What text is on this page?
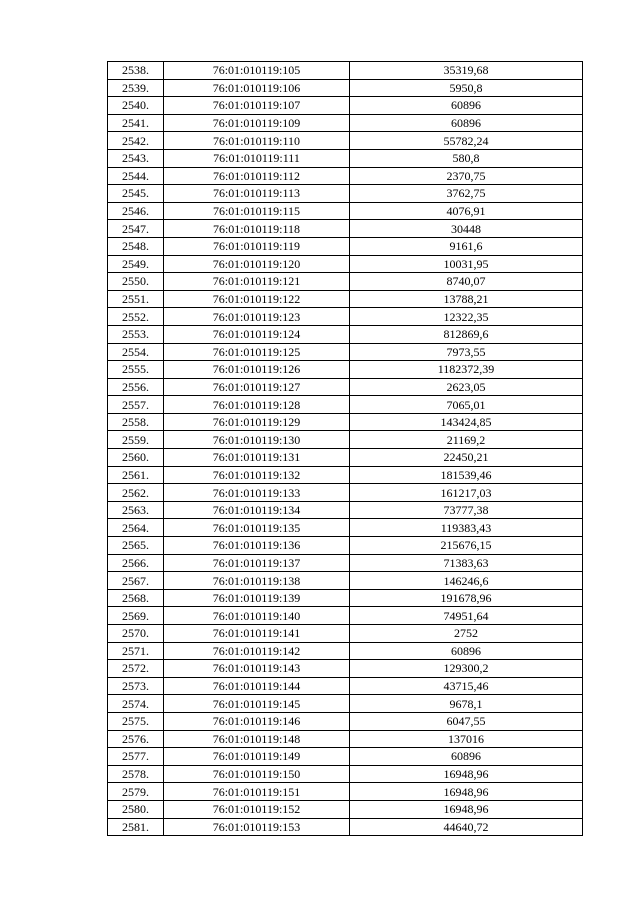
2538.	76:01:010119:105	35319,68
2539.	76:01:010119:106	5950,8
2540.	76:01:010119:107	60896
2541.	76:01:010119:109	60896
2542.	76:01:010119:110	55782,24
2543.	76:01:010119:111	580,8
2544.	76:01:010119:112	2370,75
2545.	76:01:010119:113	3762,75
2546.	76:01:010119:115	4076,91
2547.	76:01:010119:118	30448
2548.	76:01:010119:119	9161,6
2549.	76:01:010119:120	10031,95
2550.	76:01:010119:121	8740,07
2551.	76:01:010119:122	13788,21
2552.	76:01:010119:123	12322,35
2553.	76:01:010119:124	812869,6
2554.	76:01:010119:125	7973,55
2555.	76:01:010119:126	1182372,39
2556.	76:01:010119:127	2623,05
2557.	76:01:010119:128	7065,01
2558.	76:01:010119:129	143424,85
2559.	76:01:010119:130	21169,2
2560.	76:01:010119:131	22450,21
2561.	76:01:010119:132	181539,46
2562.	76:01:010119:133	161217,03
2563.	76:01:010119:134	73777,38
2564.	76:01:010119:135	119383,43
2565.	76:01:010119:136	215676,15
2566.	76:01:010119:137	71383,63
2567.	76:01:010119:138	146246,6
2568.	76:01:010119:139	191678,96
2569.	76:01:010119:140	74951,64
2570.	76:01:010119:141	2752
2571.	76:01:010119:142	60896
2572.	76:01:010119:143	129300,2
2573.	76:01:010119:144	43715,46
2574.	76:01:010119:145	9678,1
2575.	76:01:010119:146	6047,55
2576.	76:01:010119:148	137016
2577.	76:01:010119:149	60896
2578.	76:01:010119:150	16948,96
2579.	76:01:010119:151	16948,96
2580.	76:01:010119:152	16948,96
2581.	76:01:010119:153	44640,72
